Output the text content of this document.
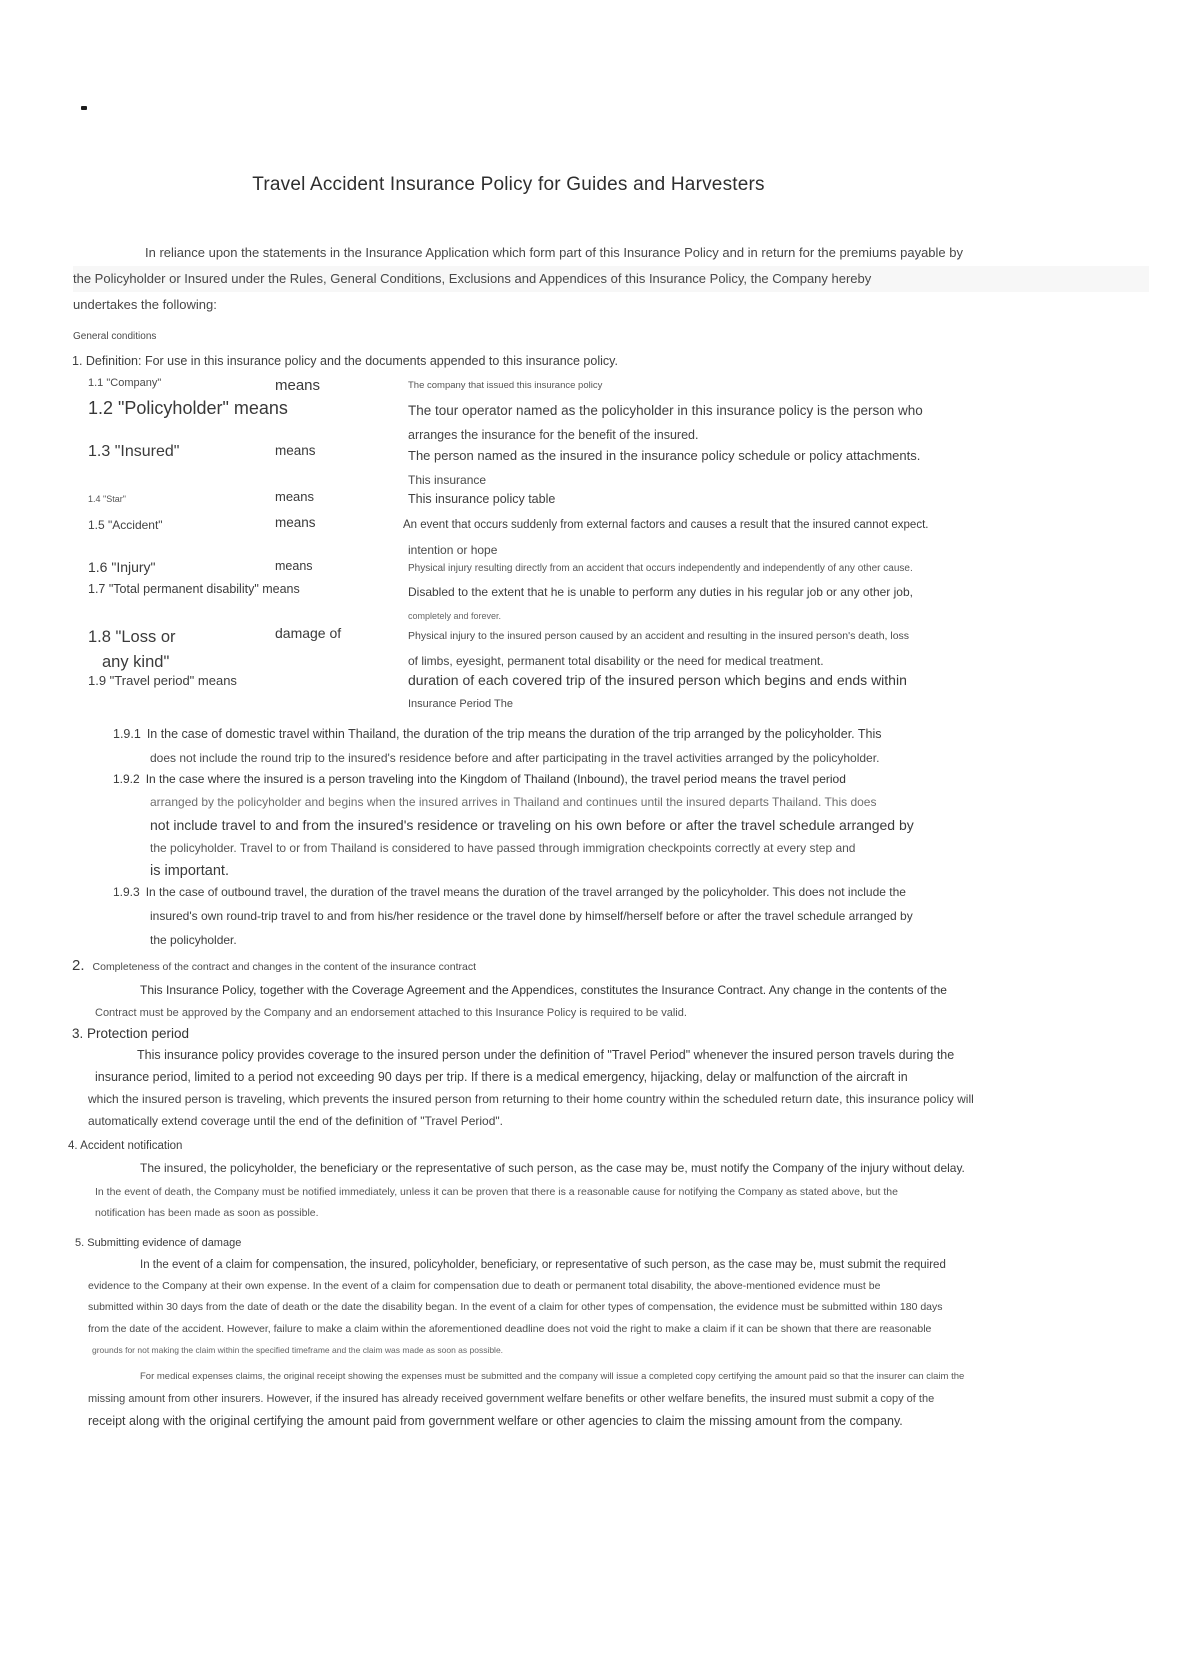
Travel Accident Insurance Policy for Guides and Harvesters
In reliance upon the statements in the Insurance Application which form part of this Insurance Policy and in return for the premiums payable by
the Policyholder or Insured under the Rules, General Conditions, Exclusions and Appendices of this Insurance Policy, the Company hereby
undertakes the following:
General conditions
1. Definition: For use in this insurance policy and the documents appended to this insurance policy.
1.1 "Company"	means	The company that issued this insurance policy
1.2 "Policyholder" means	The tour operator named as the policyholder in this insurance policy is the person who
arranges the insurance for the benefit of the insured.
1.3 "Insured"	means	The person named as the insured in the insurance policy schedule or policy attachments.
This insurance
1.4 "Star"	means	This insurance policy table
1.5 "Accident"	means	An event that occurs suddenly from external factors and causes a result that the insured cannot expect.
intention or hope
1.6 "Injury"	means	Physical injury resulting directly from an accident that occurs independently and independently of any other cause.
1.7 "Total permanent disability" means	Disabled to the extent that he is unable to perform any duties in his regular job or any other job,
completely and forever.
1.8 "Loss or
any kind"
damage of	Physical injury to the insured person caused by an accident and resulting in the insured person's death, loss
of limbs, eyesight, permanent total disability or the need for medical treatment.
1.9 "Travel period" means	duration of each covered trip of the insured person which begins and ends within
Insurance Period The
1.9.1 In the case of domestic travel within Thailand, the duration of the trip means the duration of the trip arranged by the policyholder. This
does not include the round trip to the insured's residence before and after participating in the travel activities arranged by the policyholder.
1.9.2 In the case where the insured is a person traveling into the Kingdom of Thailand (Inbound), the travel period means the travel period
arranged by the policyholder and begins when the insured arrives in Thailand and continues until the insured departs Thailand. This does
not include travel to and from the insured's residence or traveling on his own before or after the travel schedule arranged by
the policyholder. Travel to or from Thailand is considered to have passed through immigration checkpoints correctly at every step and
is important.
1.9.3 In the case of outbound travel, the duration of the travel means the duration of the travel arranged by the policyholder. This does not include the
insured's own round-trip travel to and from his/her residence or the travel done by himself/herself before or after the travel schedule arranged by
the policyholder.
2. Completeness of the contract and changes in the content of the insurance contract
This Insurance Policy, together with the Coverage Agreement and the Appendices, constitutes the Insurance Contract. Any change in the contents of the
Contract must be approved by the Company and an endorsement attached to this Insurance Policy is required to be valid.
3. Protection period
This insurance policy provides coverage to the insured person under the definition of "Travel Period" whenever the insured person travels during the
insurance period, limited to a period not exceeding 90 days per trip. If there is a medical emergency, hijacking, delay or malfunction of the aircraft in
which the insured person is traveling, which prevents the insured person from returning to their home country within the scheduled return date, this insurance policy will
automatically extend coverage until the end of the definition of "Travel Period".
4. Accident notification
The insured, the policyholder, the beneficiary or the representative of such person, as the case may be, must notify the Company of the injury without delay.
In the event of death, the Company must be notified immediately, unless it can be proven that there is a reasonable cause for notifying the Company as stated above, but the
notification has been made as soon as possible.
5. Submitting evidence of damage
In the event of a claim for compensation, the insured, policyholder, beneficiary, or representative of such person, as the case may be, must submit the required
evidence to the Company at their own expense. In the event of a claim for compensation due to death or permanent total disability, the above-mentioned evidence must be
submitted within 30 days from the date of death or the date the disability began. In the event of a claim for other types of compensation, the evidence must be submitted within 180 days
from the date of the accident. However, failure to make a claim within the aforementioned deadline does not void the right to make a claim if it can be shown that there are reasonable
grounds for not making the claim within the specified timeframe and the claim was made as soon as possible.
For medical expenses claims, the original receipt showing the expenses must be submitted and the company will issue a completed copy certifying the amount paid so that the insurer can claim the
missing amount from other insurers. However, if the insured has already received government welfare benefits or other welfare benefits, the insured must submit a copy of the
receipt along with the original certifying the amount paid from government welfare or other agencies to claim the missing amount from the company.
